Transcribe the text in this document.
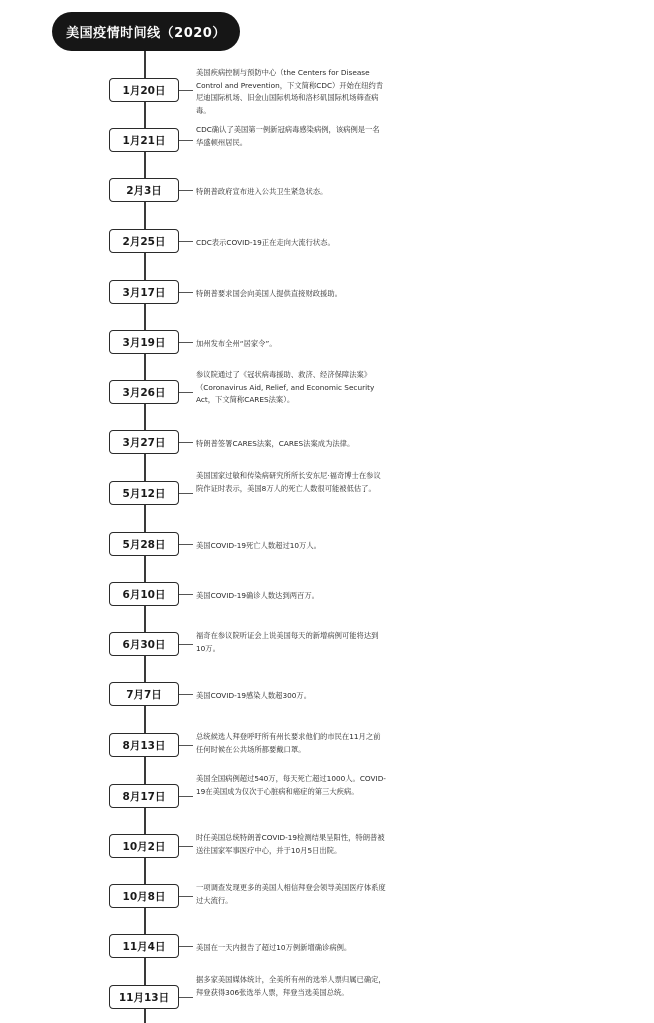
美国疫情时间线（2020）
1月20日
美国疾病控制与预防中心（the Centers for Disease Control and Prevention，下文简称CDC）开始在纽约肯尼迪国际机场、旧金山国际机场和洛杉矶国际机场筛查病毒。
1月21日
CDC确认了美国第一例新冠病毒感染病例，该病例是一名华盛顿州居民。
2月3日	特朗普政府宣布进入公共卫生紧急状态。
2月25日	CDC表示COVID-19正在走向大流行状态。
3月17日	特朗普要求国会向美国人提供直接财政援助。
3月19日	加州发布全州“居家令”。
3月26日
参议院通过了《冠状病毒援助、救济、经济保障法案》（Coronavirus Aid, Relief, and Economic Security Act，下文简称CARES法案）。
3月27日	特朗普签署CARES法案，CARES法案成为法律。
5月12日
美国国家过敏和传染病研究所所长安东尼·福奇博士在参议院作证时表示，美国8万人的死亡人数很可能被低估了。
5月28日	美国COVID-19死亡人数超过10万人。
6月10日	美国COVID-19确诊人数达到两百万。
6月30日
福奇在参议院听证会上说美国每天的新增病例可能将达到10万。
7月7日	美国COVID-19感染人数超300万。
8月13日
总统候选人拜登呼吁所有州长要求他们的市民在11月之前任何时候在公共场所都要戴口罩。
8月17日
美国全国病例超过540万，每天死亡超过1000人。COVID-19在美国成为仅次于心脏病和癌症的第三大疾病。
10月2日
时任美国总统特朗普COVID-19检测结果呈阳性，特朗普被送往国家军事医疗中心，并于10月5日出院。
10月8日
一项调查发现更多的美国人相信拜登会领导美国医疗体系度过大流行。
11月4日	美国在一天内报告了超过10万例新增确诊病例。
11月13日
据多家美国媒体统计，全美所有州的选举人票归属已确定，拜登获得306张选举人票，拜登当选美国总统。
